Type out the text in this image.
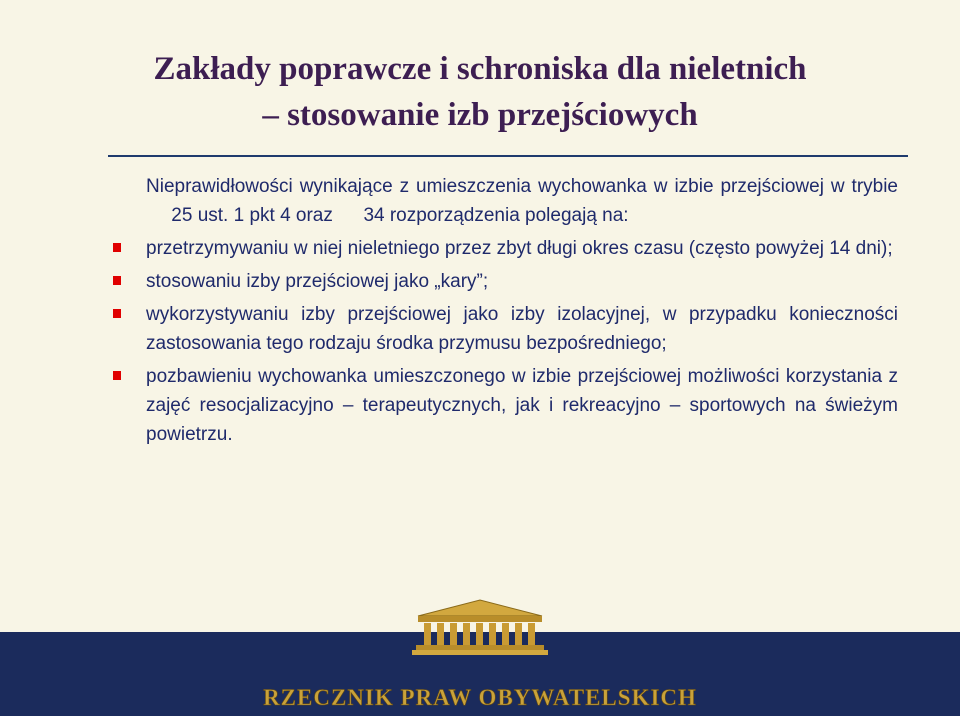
Zakłady poprawcze i schroniska dla nieletnich
– stosowanie izb przejściowych

Nieprawidłowości wynikające z umieszczenia wychowanka w izbie przejściowej w trybie  25 ust. 1 pkt 4 oraz 34 rozporządzenia polegają na:

przetrzymywaniu w niej nieletniego przez zbyt długi okres czasu (często powyżej 14 dni);
stosowaniu izby przejściowej jako „kary”;
wykorzystywaniu izby przejściowej jako izby izolacyjnej, w przypadku konieczności zastosowania tego rodzaju środka przymusu bezpośredniego;
pozbawieniu wychowanka umieszczonego w izbie przejściowej możliwości korzystania z zajęć resocjalizacyjno – terapeutycznych, jak i rekreacyjno – sportowych na świeżym powietrzu.
RZECZNIK PRAW OBYWATELSKICH
